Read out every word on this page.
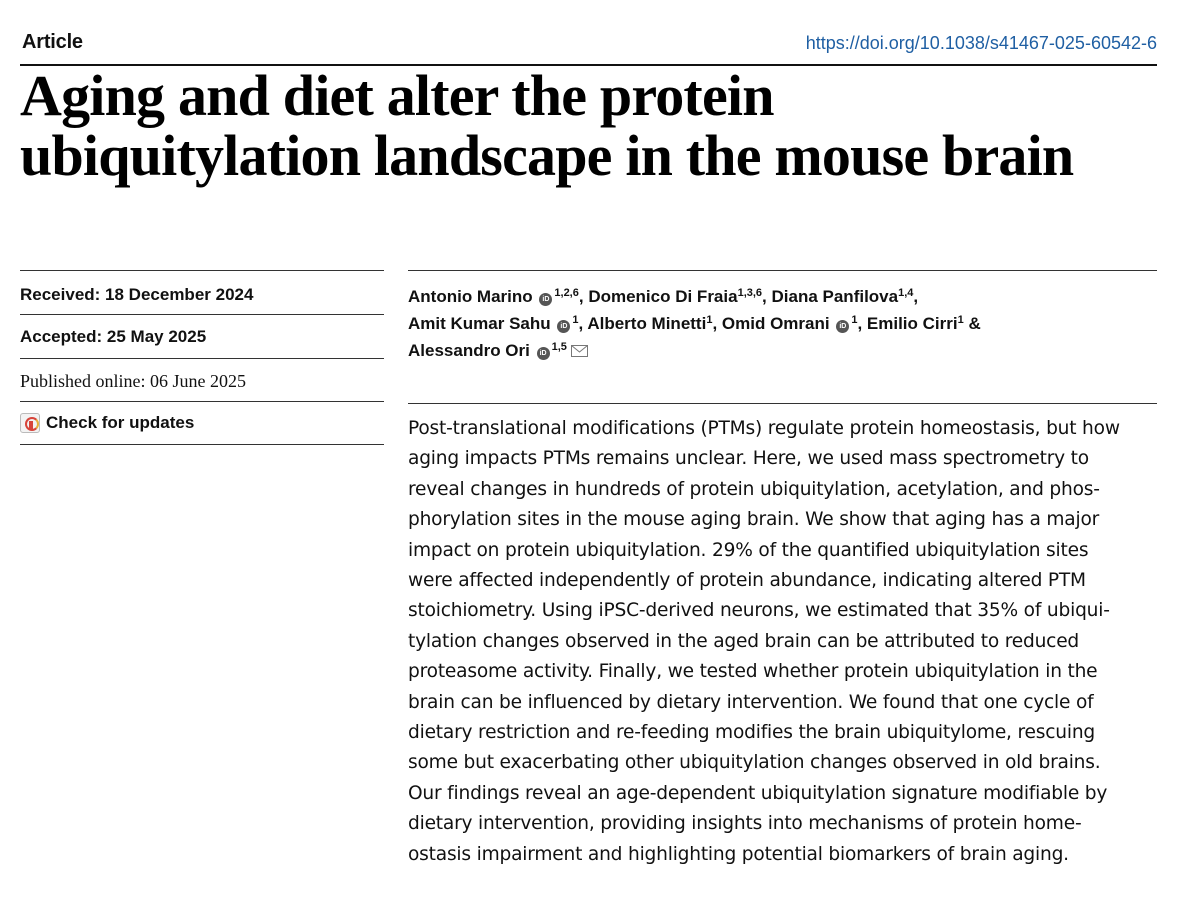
Article	https://doi.org/10.1038/s41467-025-60542-6
Aging and diet alter the protein
ubiquitylation landscape in the mouse brain
Received: 18 December 2024
Accepted: 25 May 2025
Published online: 06 June 2025
Check for updates

Antonio Marino iD$^{1,2,6}$, Domenico Di Fraia$^{1,3,6}$, Diana Panfilova$^{1,4}$,
Amit Kumar Sahu $iD^1$, Alberto Minetti$^1$, Omid Omrani $iD^1$, Emilio Cirri$^1$ &
Alessandro Ori iD$^{1,5}$

Post-translational modifications (PTMs) regulate protein homeostasis, but how
aging impacts PTMs remains unclear. Here, we used mass spectrometry to
reveal changes in hundreds of protein ubiquitylation, acetylation, and phos-
phorylation sites in the mouse aging brain. We show that aging has a major
impact on protein ubiquitylation. 29% of the quantified ubiquitylation sites
were affected independently of protein abundance, indicating altered PTM
stoichiometry. Using iPSC-derived neurons, we estimated that 35% of ubiqui-
tylation changes observed in the aged brain can be attributed to reduced
proteasome activity. Finally, we tested whether protein ubiquitylation in the
brain can be influenced by dietary intervention. We found that one cycle of
dietary restriction and re-feeding modifies the brain ubiquitylome, rescuing
some but exacerbating other ubiquitylation changes observed in old brains.
Our findings reveal an age-dependent ubiquitylation signature modifiable by
dietary intervention, providing insights into mechanisms of protein home-
ostasis impairment and highlighting potential biomarkers of brain aging.
